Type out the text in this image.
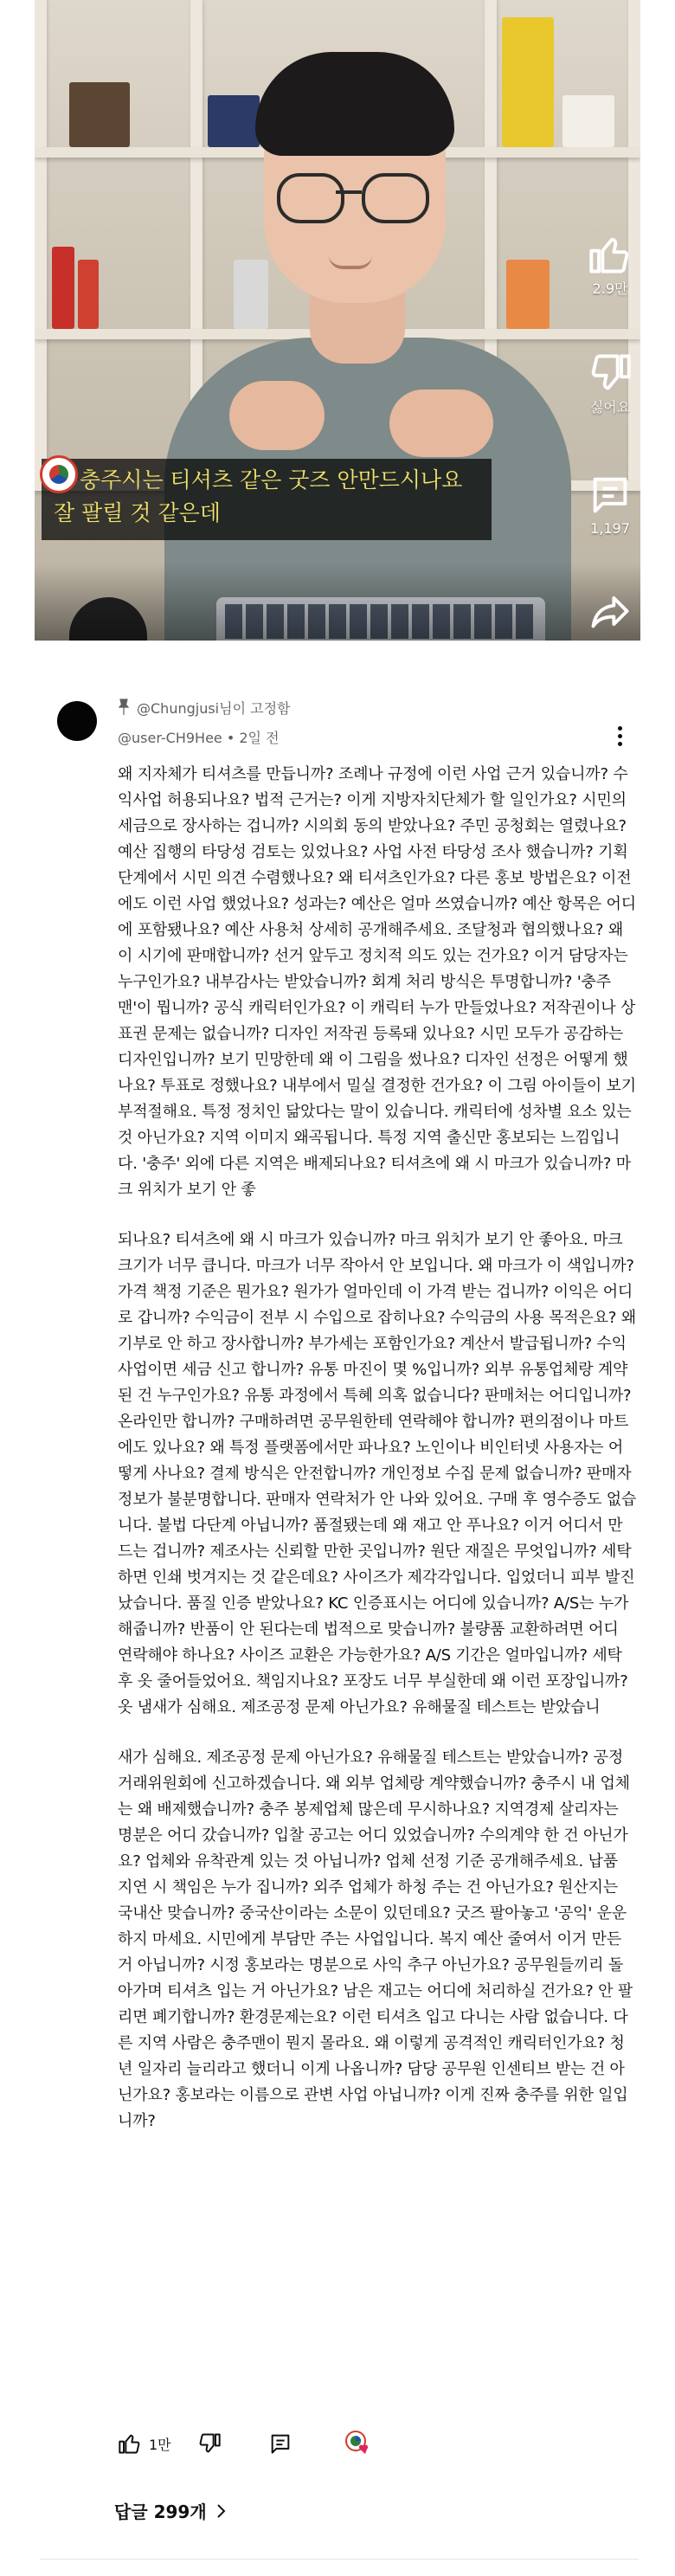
충주시는 티셔츠 같은 굿즈 안만드시나요
잘 팔릴 것 같은데
2.9만
싫어요
1,197
@Chungjusi님이 고정함
@user-CH9Hee • 2일 전

왜 지자체가 티셔츠를 만듭니까? 조례나 규정에 이런 사업 근거 있습니까? 수익사업 허용되나요? 법적 근거는? 이게 지방자치단체가 할 일인가요? 시민의 세금으로 장사하는 겁니까? 시의회 동의 받았나요? 주민 공청회는 열렸나요? 예산 집행의 타당성 검토는 있었나요? 사업 사전 타당성 조사 했습니까? 기획 단계에서 시민 의견 수렴했나요? 왜 티셔츠인가요? 다른 홍보 방법은요? 이전에도 이런 사업 했었나요? 성과는? 예산은 얼마 쓰였습니까? 예산 항목은 어디에 포함됐나요? 예산 사용처 상세히 공개해주세요. 조달청과 협의했나요? 왜 이 시기에 판매합니까? 선거 앞두고 정치적 의도 있는 건가요? 이거 담당자는 누구인가요? 내부감사는 받았습니까? 회계 처리 방식은 투명합니까? '충주맨'이 뭡니까? 공식 캐릭터인가요? 이 캐릭터 누가 만들었나요? 저작권이나 상표권 문제는 없습니까? 디자인 저작권 등록돼 있나요? 시민 모두가 공감하는 디자인입니까? 보기 민망한데 왜 이 그림을 썼나요? 디자인 선정은 어떻게 했나요? 투표로 정했나요? 내부에서 밀실 결정한 건가요? 이 그림 아이들이 보기 부적절해요. 특정 정치인 닮았다는 말이 있습니다. 캐릭터에 성차별 요소 있는 것 아닌가요? 지역 이미지 왜곡됩니다. 특정 지역 출신만 홍보되는 느낌입니다. '충주' 외에 다른 지역은 배제되나요? 티셔츠에 왜 시 마크가 있습니까? 마크 위치가 보기 안 좋

되나요? 티셔츠에 왜 시 마크가 있습니까? 마크 위치가 보기 안 좋아요. 마크 크기가 너무 큽니다. 마크가 너무 작아서 안 보입니다. 왜 마크가 이 색입니까? 가격 책정 기준은 뭔가요? 원가가 얼마인데 이 가격 받는 겁니까? 이익은 어디로 갑니까? 수익금이 전부 시 수입으로 잡히나요? 수익금의 사용 목적은요? 왜 기부로 안 하고 장사합니까? 부가세는 포함인가요? 계산서 발급됩니까? 수익사업이면 세금 신고 합니까? 유통 마진이 몇 %입니까? 외부 유통업체랑 계약된 건 누구인가요? 유통 과정에서 특혜 의혹 없습니다? 판매처는 어디입니까? 온라인만 합니까? 구매하려면 공무원한테 연락해야 합니까? 편의점이나 마트에도 있나요? 왜 특정 플랫폼에서만 파나요? 노인이나 비인터넷 사용자는 어떻게 사나요? 결제 방식은 안전합니까? 개인정보 수집 문제 없습니까? 판매자 정보가 불분명합니다. 판매자 연락처가 안 나와 있어요. 구매 후 영수증도 없습니다. 불법 다단계 아닙니까? 품절됐는데 왜 재고 안 푸나요? 이거 어디서 만드는 겁니까? 제조사는 신뢰할 만한 곳입니까? 원단 재질은 무엇입니까? 세탁하면 인쇄 벗겨지는 것 같은데요? 사이즈가 제각각입니다. 입었더니 피부 발진 났습니다. 품질 인증 받았나요? KC 인증표시는 어디에 있습니까? A/S는 누가 해줍니까? 반품이 안 된다는데 법적으로 맞습니까? 불량품 교환하려면 어디 연락해야 하나요? 사이즈 교환은 가능한가요? A/S 기간은 얼마입니까? 세탁 후 옷 줄어들었어요. 책임지나요? 포장도 너무 부실한데 왜 이런 포장입니까? 옷 냄새가 심해요. 제조공정 문제 아닌가요? 유해물질 테스트는 받았습니

새가 심해요. 제조공정 문제 아닌가요? 유해물질 테스트는 받았습니까? 공정거래위원회에 신고하겠습니다. 왜 외부 업체랑 계약했습니까? 충주시 내 업체는 왜 배제했습니까? 충주 봉제업체 많은데 무시하나요? 지역경제 살리자는 명분은 어디 갔습니까? 입찰 공고는 어디 있었습니까? 수의계약 한 건 아닌가요? 업체와 유착관계 있는 것 아닙니까? 업체 선정 기준 공개해주세요. 납품 지연 시 책임은 누가 집니까? 외주 업체가 하청 주는 건 아닌가요? 원산지는 국내산 맞습니까? 중국산이라는 소문이 있던데요? 굿즈 팔아놓고 '공익' 운운하지 마세요. 시민에게 부담만 주는 사업입니다. 복지 예산 줄여서 이거 만든 거 아닙니까? 시정 홍보라는 명분으로 사익 추구 아닌가요? 공무원들끼리 돌아가며 티셔츠 입는 거 아닌가요? 남은 재고는 어디에 처리하실 건가요? 안 팔리면 폐기합니까? 환경문제는요? 이런 티셔츠 입고 다니는 사람 없습니다. 다른 지역 사람은 충주맨이 뭔지 몰라요. 왜 이렇게 공격적인 캐릭터인가요? 청년 일자리 늘리라고 했더니 이게 나옵니까? 담당 공무원 인센티브 받는 건 아닌가요? 홍보라는 이름으로 관변 사업 아닙니까? 이게 진짜 충주를 위한 일입니까?

1만
답글 299개
